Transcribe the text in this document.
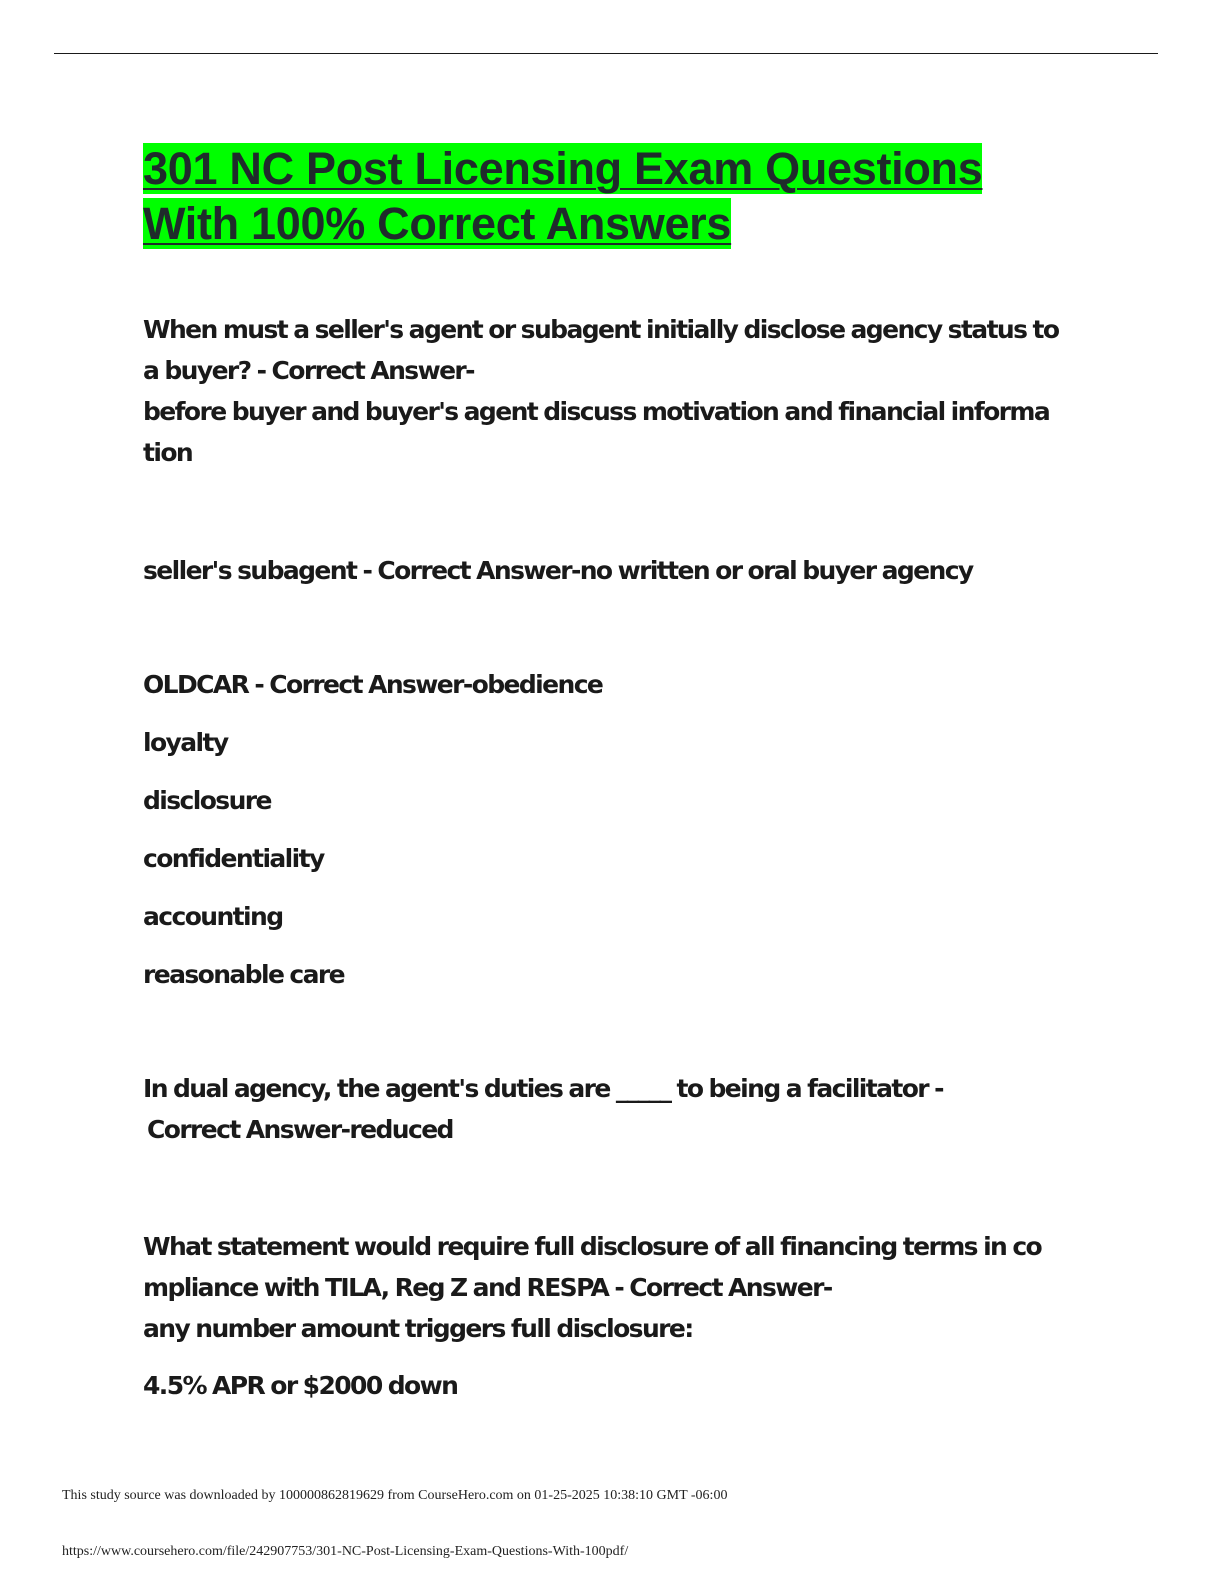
301 NC Post Licensing Exam Questions
With 100% Correct Answers
When must a seller's agent or subagent initially disclose agency status to
a buyer? - Correct Answer-
before buyer and buyer's agent discuss motivation and financial informa
tion
seller's subagent - Correct Answer-no written or oral buyer agency
OLDCAR - Correct Answer-obedience
loyalty
disclosure
confidentiality
accounting
reasonable care
In dual agency, the agent's duties are _____ to being a facilitator -
Correct Answer-reduced
What statement would require full disclosure of all financing terms in co
mpliance with TILA, Reg Z and RESPA - Correct Answer-
any number amount triggers full disclosure:
4.5% APR or $2000 down

This study source was downloaded by 100000862819629 from CourseHero.com on 01-25-2025 10:38:10 GMT -06:00

https://www.coursehero.com/file/242907753/301-NC-Post-Licensing-Exam-Questions-With-100pdf/
